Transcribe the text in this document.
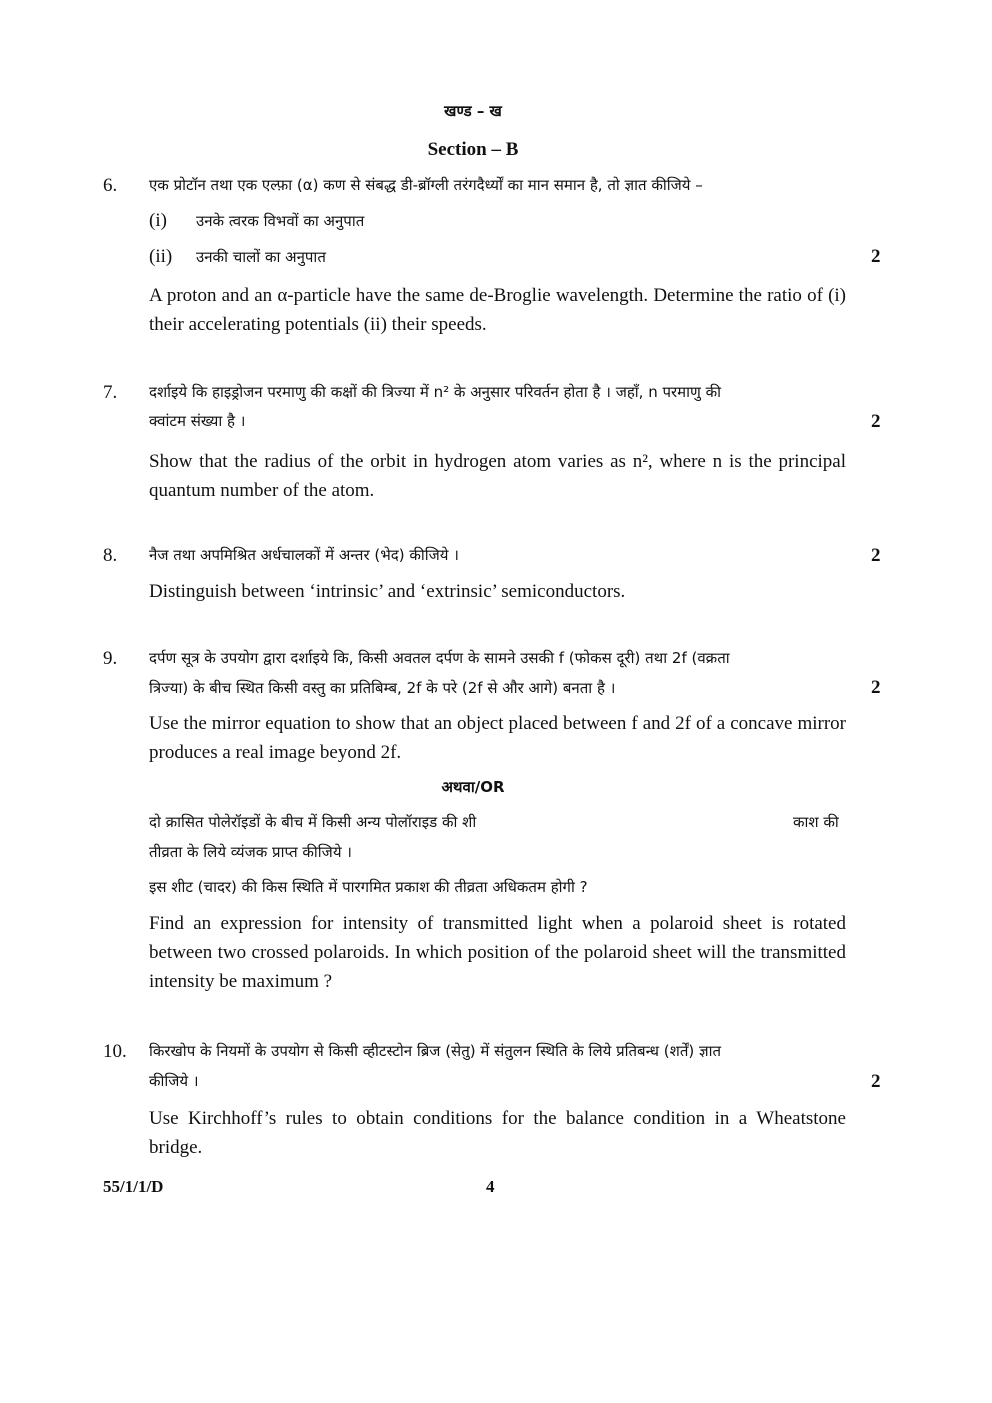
खण्ड – ख
Section – B
6. एक प्रोटॉन तथा एक एल्फ़ा (α) कण से संबद्ध डी-ब्रॉग्ली तरंगदैर्ध्यों का मान समान है, तो ज्ञात कीजिये –
(i) उनके त्वरक विभवों का अनुपात
(ii) उनकी चालों का अनुपात	2
A proton and an α-particle have the same de-Broglie wavelength. Determine the ratio of (i) their accelerating potentials (ii) their speeds.
7. दर्शाइये कि हाइड्रोजन परमाणु की कक्षों की त्रिज्या में n² के अनुसार परिवर्तन होता है । जहाँ, n परमाणु की
क्वांटम संख्या है ।	2
Show that the radius of the orbit in hydrogen atom varies as n², where n is the principal quantum number of the atom.
8. नैज तथा अपमिश्रित अर्धचालकों में अन्तर (भेद) कीजिये ।	2
Distinguish between ‘intrinsic’ and ‘extrinsic’ semiconductors.
9. दर्पण सूत्र के उपयोग द्वारा दर्शाइये कि, किसी अवतल दर्पण के सामने उसकी f (फोकस दूरी) तथा 2f (वक्रता
त्रिज्या) के बीच स्थित किसी वस्तु का प्रतिबिम्ब, 2f के परे (2f से और आगे) बनता है ।	2
Use the mirror equation to show that an object placed between f and 2f of a concave mirror produces a real image beyond 2f.
अथवा/OR
दो क्रासित पोलेरॉइडों के बीच में किसी अन्य पोलॉराइड की शी	काश की
तीव्रता के लिये व्यंजक प्राप्त कीजिये ।
इस शीट (चादर) की किस स्थिति में पारगमित प्रकाश की तीव्रता अधिकतम होगी ?
Find an expression for intensity of transmitted light when a polaroid sheet is rotated between two crossed polaroids. In which position of the polaroid sheet will the transmitted intensity be maximum ?
10. किरखोप के नियमों के उपयोग से किसी व्हीटस्टोन ब्रिज (सेतु) में संतुलन स्थिति के लिये प्रतिबन्ध (शर्तें) ज्ञात
कीजिये ।	2
Use Kirchhoff’s rules to obtain conditions for the balance condition in a Wheatstone bridge.
55/1/1/D	4
